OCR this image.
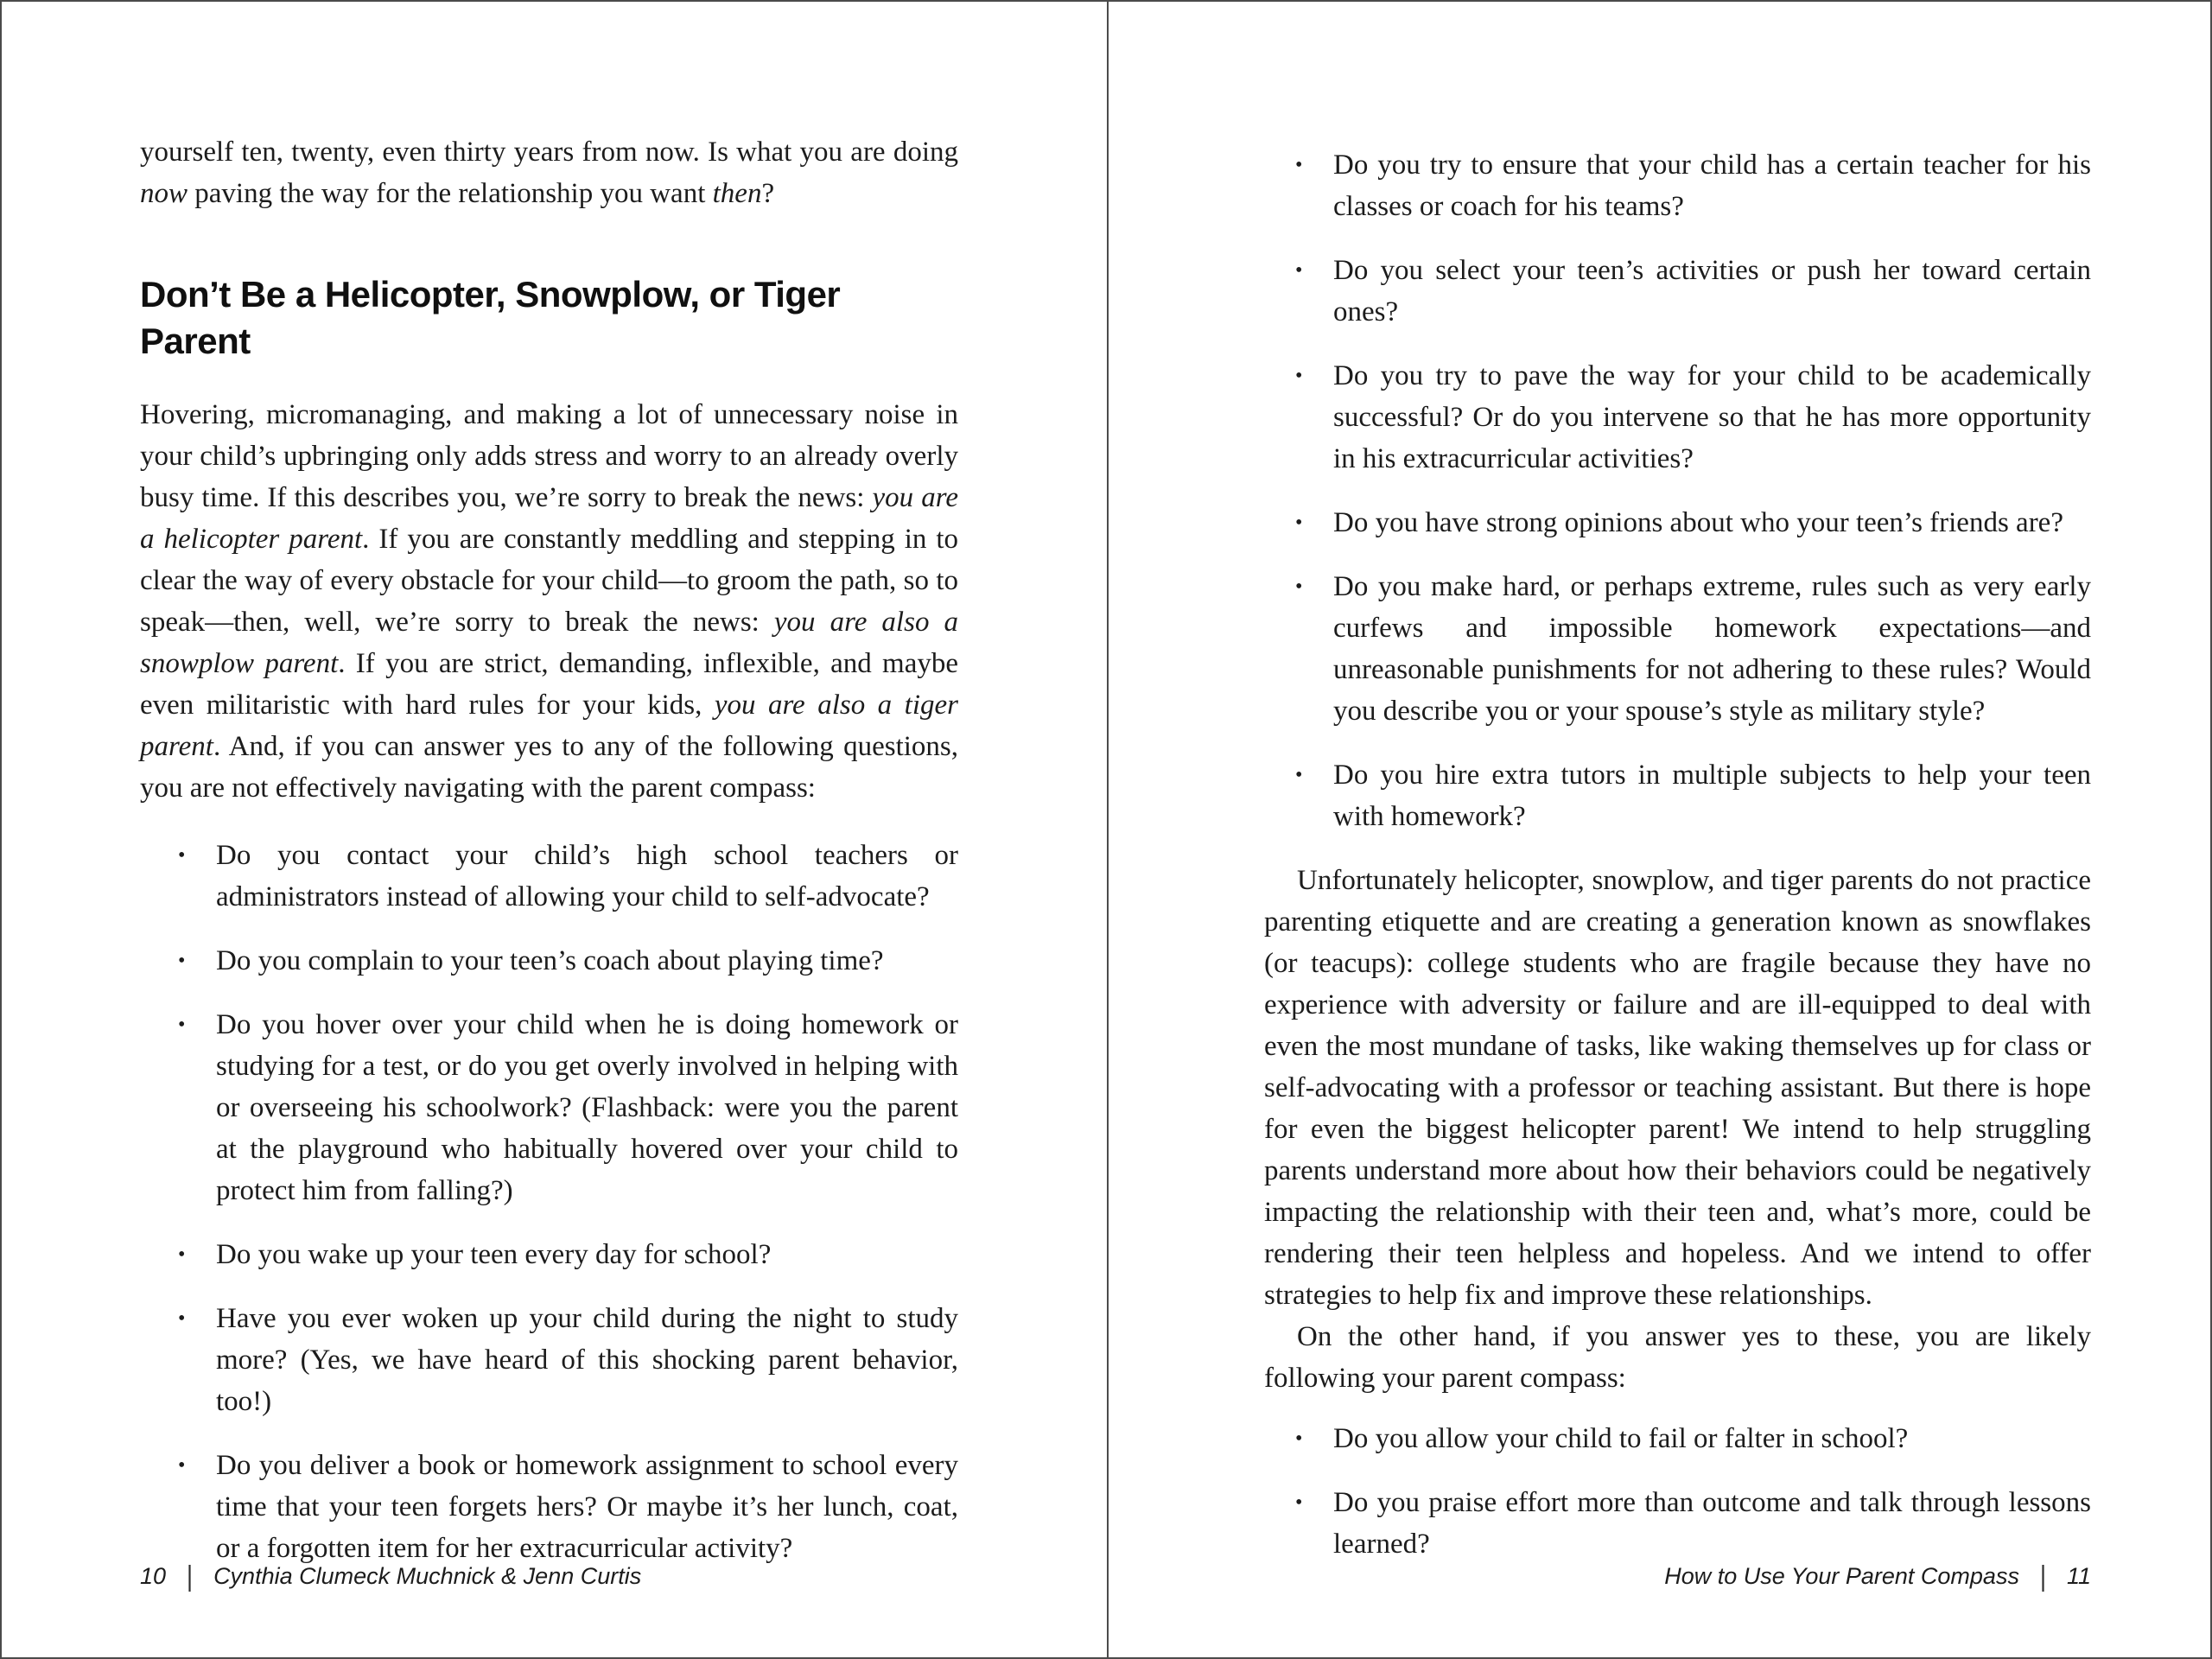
yourself ten, twenty, even thirty years from now. Is what you are doing now paving the way for the relationship you want then?

Don’t Be a Helicopter, Snowplow, or Tiger Parent

Hovering, micromanaging, and making a lot of unnecessary noise in your child’s upbringing only adds stress and worry to an already overly busy time. If this describes you, we’re sorry to break the news: you are a helicopter parent. If you are constantly meddling and stepping in to clear the way of every obstacle for your child—to groom the path, so to speak—then, well, we’re sorry to break the news: you are also a snowplow parent. If you are strict, demanding, inflexible, and maybe even militaristic with hard rules for your kids, you are also a tiger parent. And, if you can answer yes to any of the following questions, you are not effectively navigating with the parent compass:

•	Do you contact your child’s high school teachers or administrators instead of allowing your child to self-advocate?
•	Do you complain to your teen’s coach about playing time?
•	Do you hover over your child when he is doing homework or studying for a test, or do you get overly involved in helping with or overseeing his schoolwork? (Flashback: were you the parent at the playground who habitually hovered over your child to protect him from falling?)
•	Do you wake up your teen every day for school?
•	Have you ever woken up your child during the night to study more? (Yes, we have heard of this shocking parent behavior, too!)
•	Do you deliver a book or homework assignment to school every time that your teen forgets hers? Or maybe it’s her lunch, coat, or a forgotten item for her extracurricular activity?
10 | Cynthia Clumeck Muchnick & Jenn Curtis
•	Do you try to ensure that your child has a certain teacher for his classes or coach for his teams?
•	Do you select your teen’s activities or push her toward certain ones?
•	Do you try to pave the way for your child to be academically successful? Or do you intervene so that he has more opportunity in his extracurricular activities?
•	Do you have strong opinions about who your teen’s friends are?
•	Do you make hard, or perhaps extreme, rules such as very early curfews and impossible homework expectations—and unreasonable punishments for not adhering to these rules? Would you describe you or your spouse’s style as military style?
•	Do you hire extra tutors in multiple subjects to help your teen with homework?

Unfortunately helicopter, snowplow, and tiger parents do not practice parenting etiquette and are creating a generation known as snowflakes (or teacups): college students who are fragile because they have no experience with adversity or failure and are ill-equipped to deal with even the most mundane of tasks, like waking themselves up for class or self-advocating with a professor or teaching assistant. But there is hope for even the biggest helicopter parent! We intend to help struggling parents understand more about how their behaviors could be negatively impacting the relationship with their teen and, what’s more, could be rendering their teen helpless and hopeless. And we intend to offer strategies to help fix and improve these relationships.

On the other hand, if you answer yes to these, you are likely following your parent compass:

•	Do you allow your child to fail or falter in school?
•	Do you praise effort more than outcome and talk through lessons learned?
How to Use Your Parent Compass | 11
